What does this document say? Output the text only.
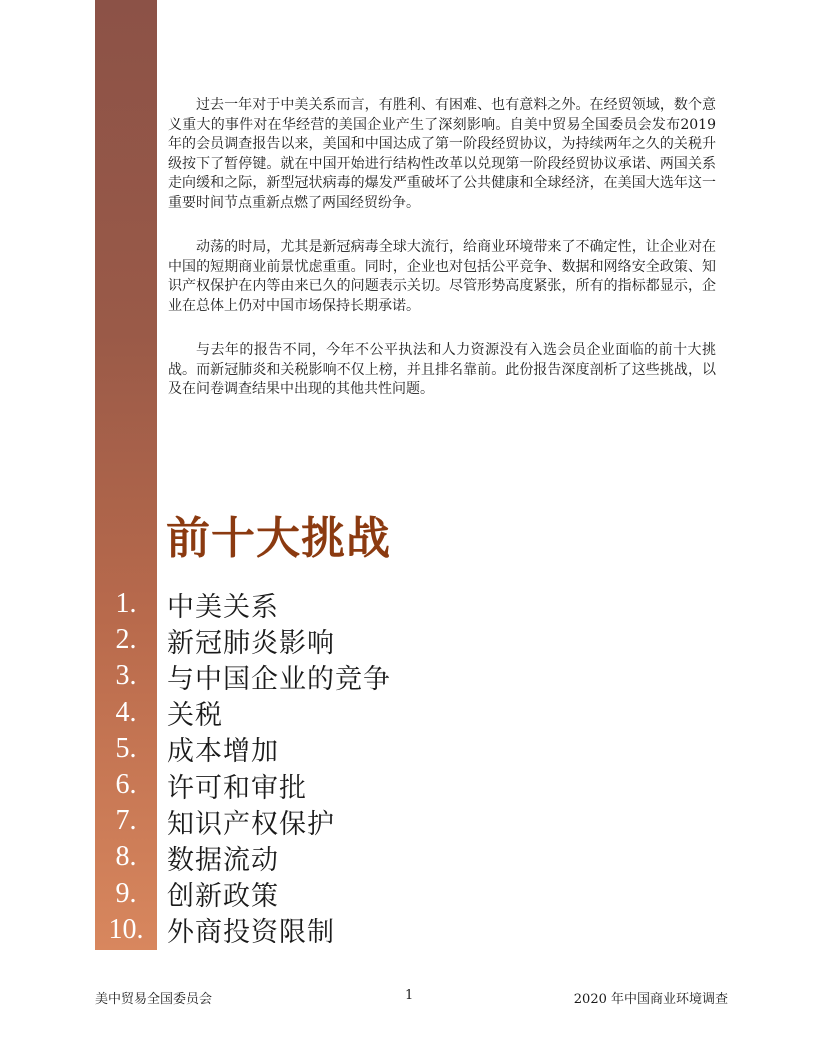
过去一年对于中美关系而言，有胜利、有困难、也有意料之外。在经贸领域，数个意义重大的事件对在华经营的美国企业产生了深刻影响。自美中贸易全国委员会发布2019年的会员调查报告以来，美国和中国达成了第一阶段经贸协议，为持续两年之久的关税升级按下了暂停键。就在中国开始进行结构性改革以兑现第一阶段经贸协议承诺、两国关系走向缓和之际，新型冠状病毒的爆发严重破坏了公共健康和全球经济，在美国大选年这一重要时间节点重新点燃了两国经贸纷争。

动荡的时局，尤其是新冠病毒全球大流行，给商业环境带来了不确定性，让企业对在中国的短期商业前景忧虑重重。同时，企业也对包括公平竞争、数据和网络安全政策、知识产权保护在内等由来已久的问题表示关切。尽管形势高度紧张，所有的指标都显示，企业在总体上仍对中国市场保持长期承诺。

与去年的报告不同，今年不公平执法和人力资源没有入选会员企业面临的前十大挑战。而新冠肺炎和关税影响不仅上榜，并且排名靠前。此份报告深度剖析了这些挑战，以及在问卷调查结果中出现的其他共性问题。

前十大挑战
1.	中美关系
2.	新冠肺炎影响
3.	与中国企业的竞争
4.	关税
5.	成本增加
6.	许可和审批
7.	知识产权保护
8.	数据流动
9.	创新政策
10. 外商投资限制
美中贸易全国委员会	1	2020 年中国商业环境调查
